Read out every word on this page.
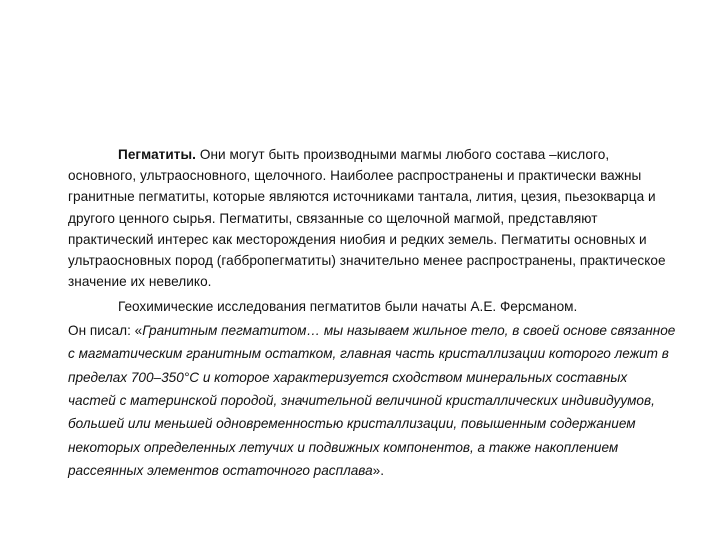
Пегматиты. Они могут быть производными магмы любого состава –кислого, основного, ультраосновного, щелочного. Наиболее распространены и практически важны гранитные пегматиты, которые являются источниками тантала, лития, цезия, пьезокварца и другого ценного сырья. Пегматиты, связанные со щелочной магмой, представляют практический интерес как месторождения ниобия и редких земель. Пегматиты основных и ультраосновных пород (габбропегматиты) значительно менее распространены, практическое значение их невелико.

Геохимические исследования пегматитов были начаты А.Е. Ферсманом.
Он писал: «Гранитным пегматитом… мы называем жильное тело, в своей основе связанное с магматическим гранитным остатком, главная часть кристаллизации которого лежит в пределах 700–350°С и которое характеризуется сходством минеральных составных частей с материнской породой, значительной величиной кристаллических индивидуумов, большей или меньшей одновременностью кристаллизации, повышенным содержанием некоторых определенных летучих и подвижных компонентов, а также накоплением рассеянных элементов остаточного расплава».
